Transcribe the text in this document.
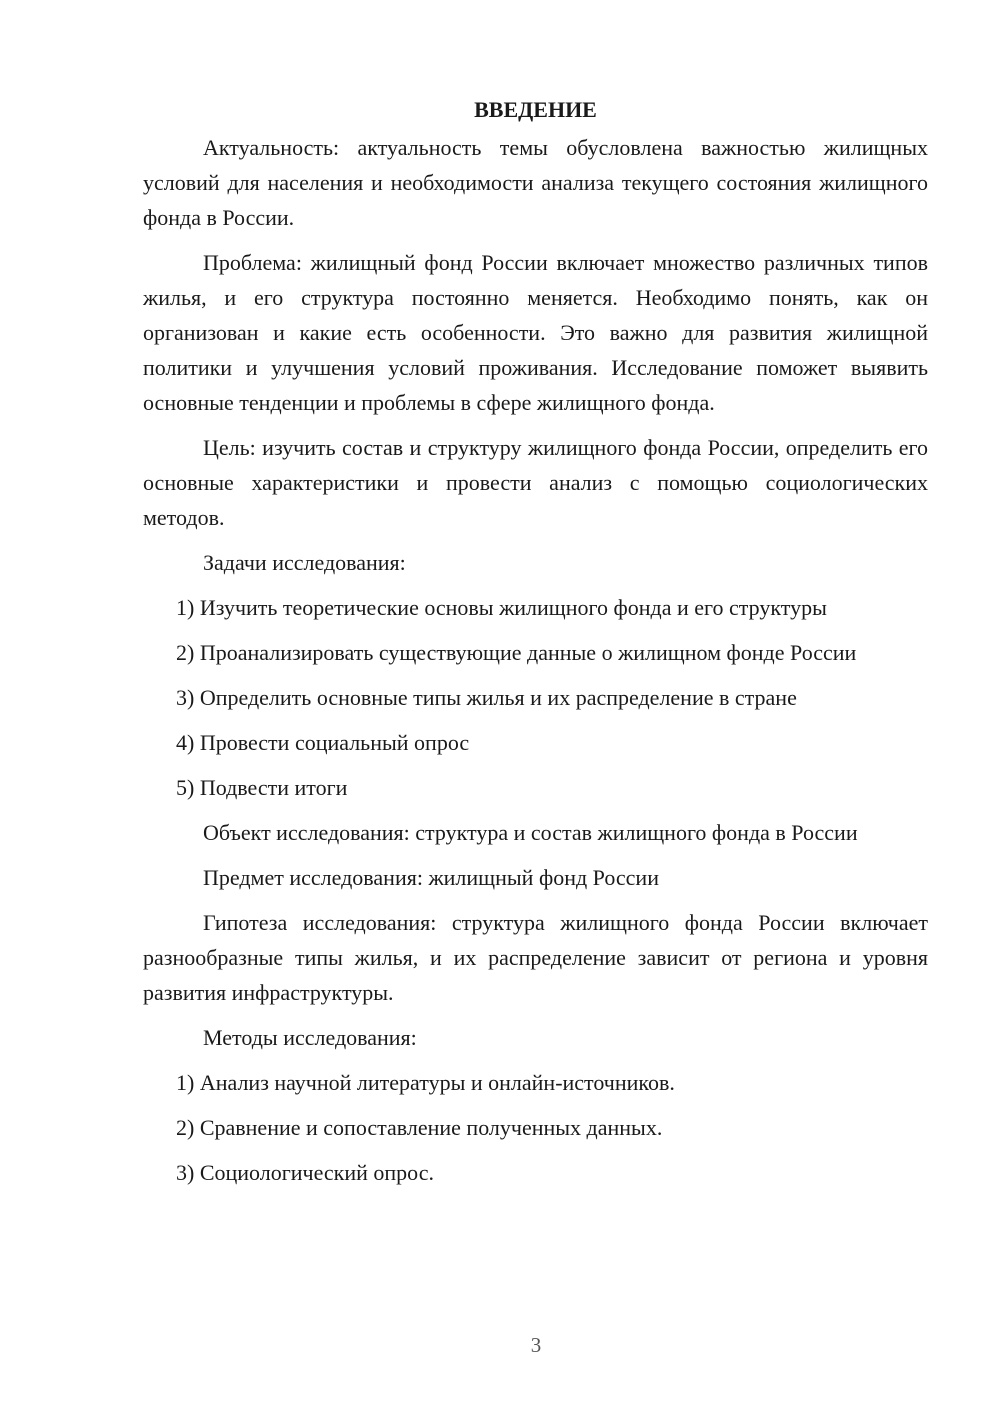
ВВЕДЕНИЕ

Актуальность: актуальность темы обусловлена важностью жилищных условий для населения и необходимости анализа текущего состояния жилищного фонда в России.

Проблема: жилищный фонд России включает множество различных типов жилья, и его структура постоянно меняется. Необходимо понять, как он организован и какие есть особенности. Это важно для развития жилищной политики и улучшения условий проживания. Исследование поможет выявить основные тенденции и проблемы в сфере жилищного фонда.

Цель: изучить состав и структуру жилищного фонда России, определить его основные характеристики и провести анализ с помощью социологических методов.

Задачи исследования:

1) Изучить теоретические основы жилищного фонда и его структуры

2) Проанализировать существующие данные о жилищном фонде России

3) Определить основные типы жилья и их распределение в стране

4) Провести социальный опрос

5) Подвести итоги

Объект исследования: структура и состав жилищного фонда в России

Предмет исследования: жилищный фонд России

Гипотеза исследования: структура жилищного фонда России включает разнообразные типы жилья, и их распределение зависит от региона и уровня развития инфраструктуры.

Методы исследования:

1) Анализ научной литературы и онлайн-источников.

2) Сравнение и сопоставление полученных данных.

3) Социологический опрос.

3
